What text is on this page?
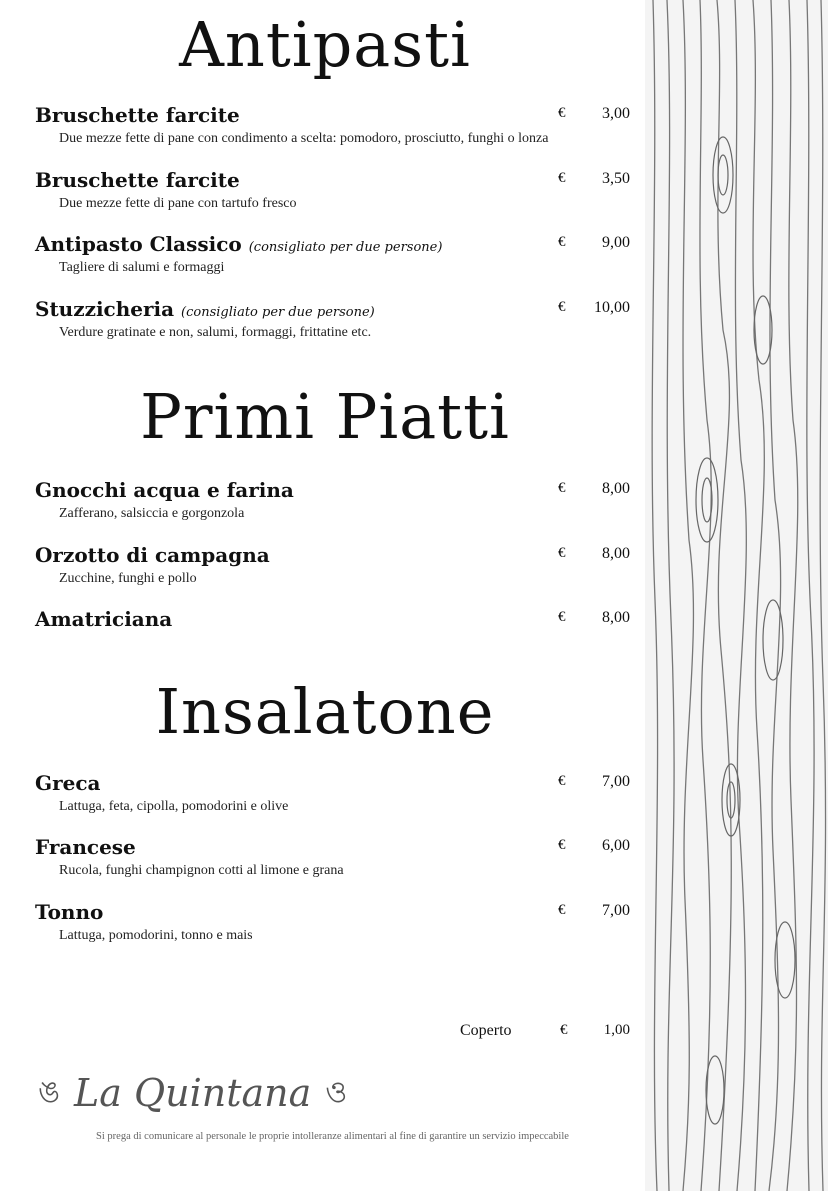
Antipasti
Bruschette farcite	€ 3,00
Due mezze fette di pane con condimento a scelta: pomodoro, prosciutto, funghi o lonza
Bruschette farcite	€ 3,50
Due mezze fette di pane con tartufo fresco
Antipasto Classico (consigliato per due persone)	€ 9,00
Tagliere di salumi e formaggi
Stuzzicheria (consigliato per due persone)	€ 10,00
Verdure gratinate e non, salumi, formaggi, frittatine etc.
Primi Piatti
Gnocchi acqua e farina	€ 8,00
Zafferano, salsiccia e gorgonzola
Orzotto di campagna	€ 8,00
Zucchine, funghi e pollo
Amatriciana	€ 8,00
Insalatone
Greca	€ 7,00
Lattuga, feta, cipolla, pomodorini e olive
Francese	€ 6,00
Rucola, funghi champignon cotti al limone e grana
Tonno	€ 7,00
Lattuga, pomodorini, tonno e mais
Coperto	€ 1,00
ঙ La Quintana ও
Si prega di comunicare al personale le proprie intolleranze alimentari al fine di garantire un servizio impeccabile
